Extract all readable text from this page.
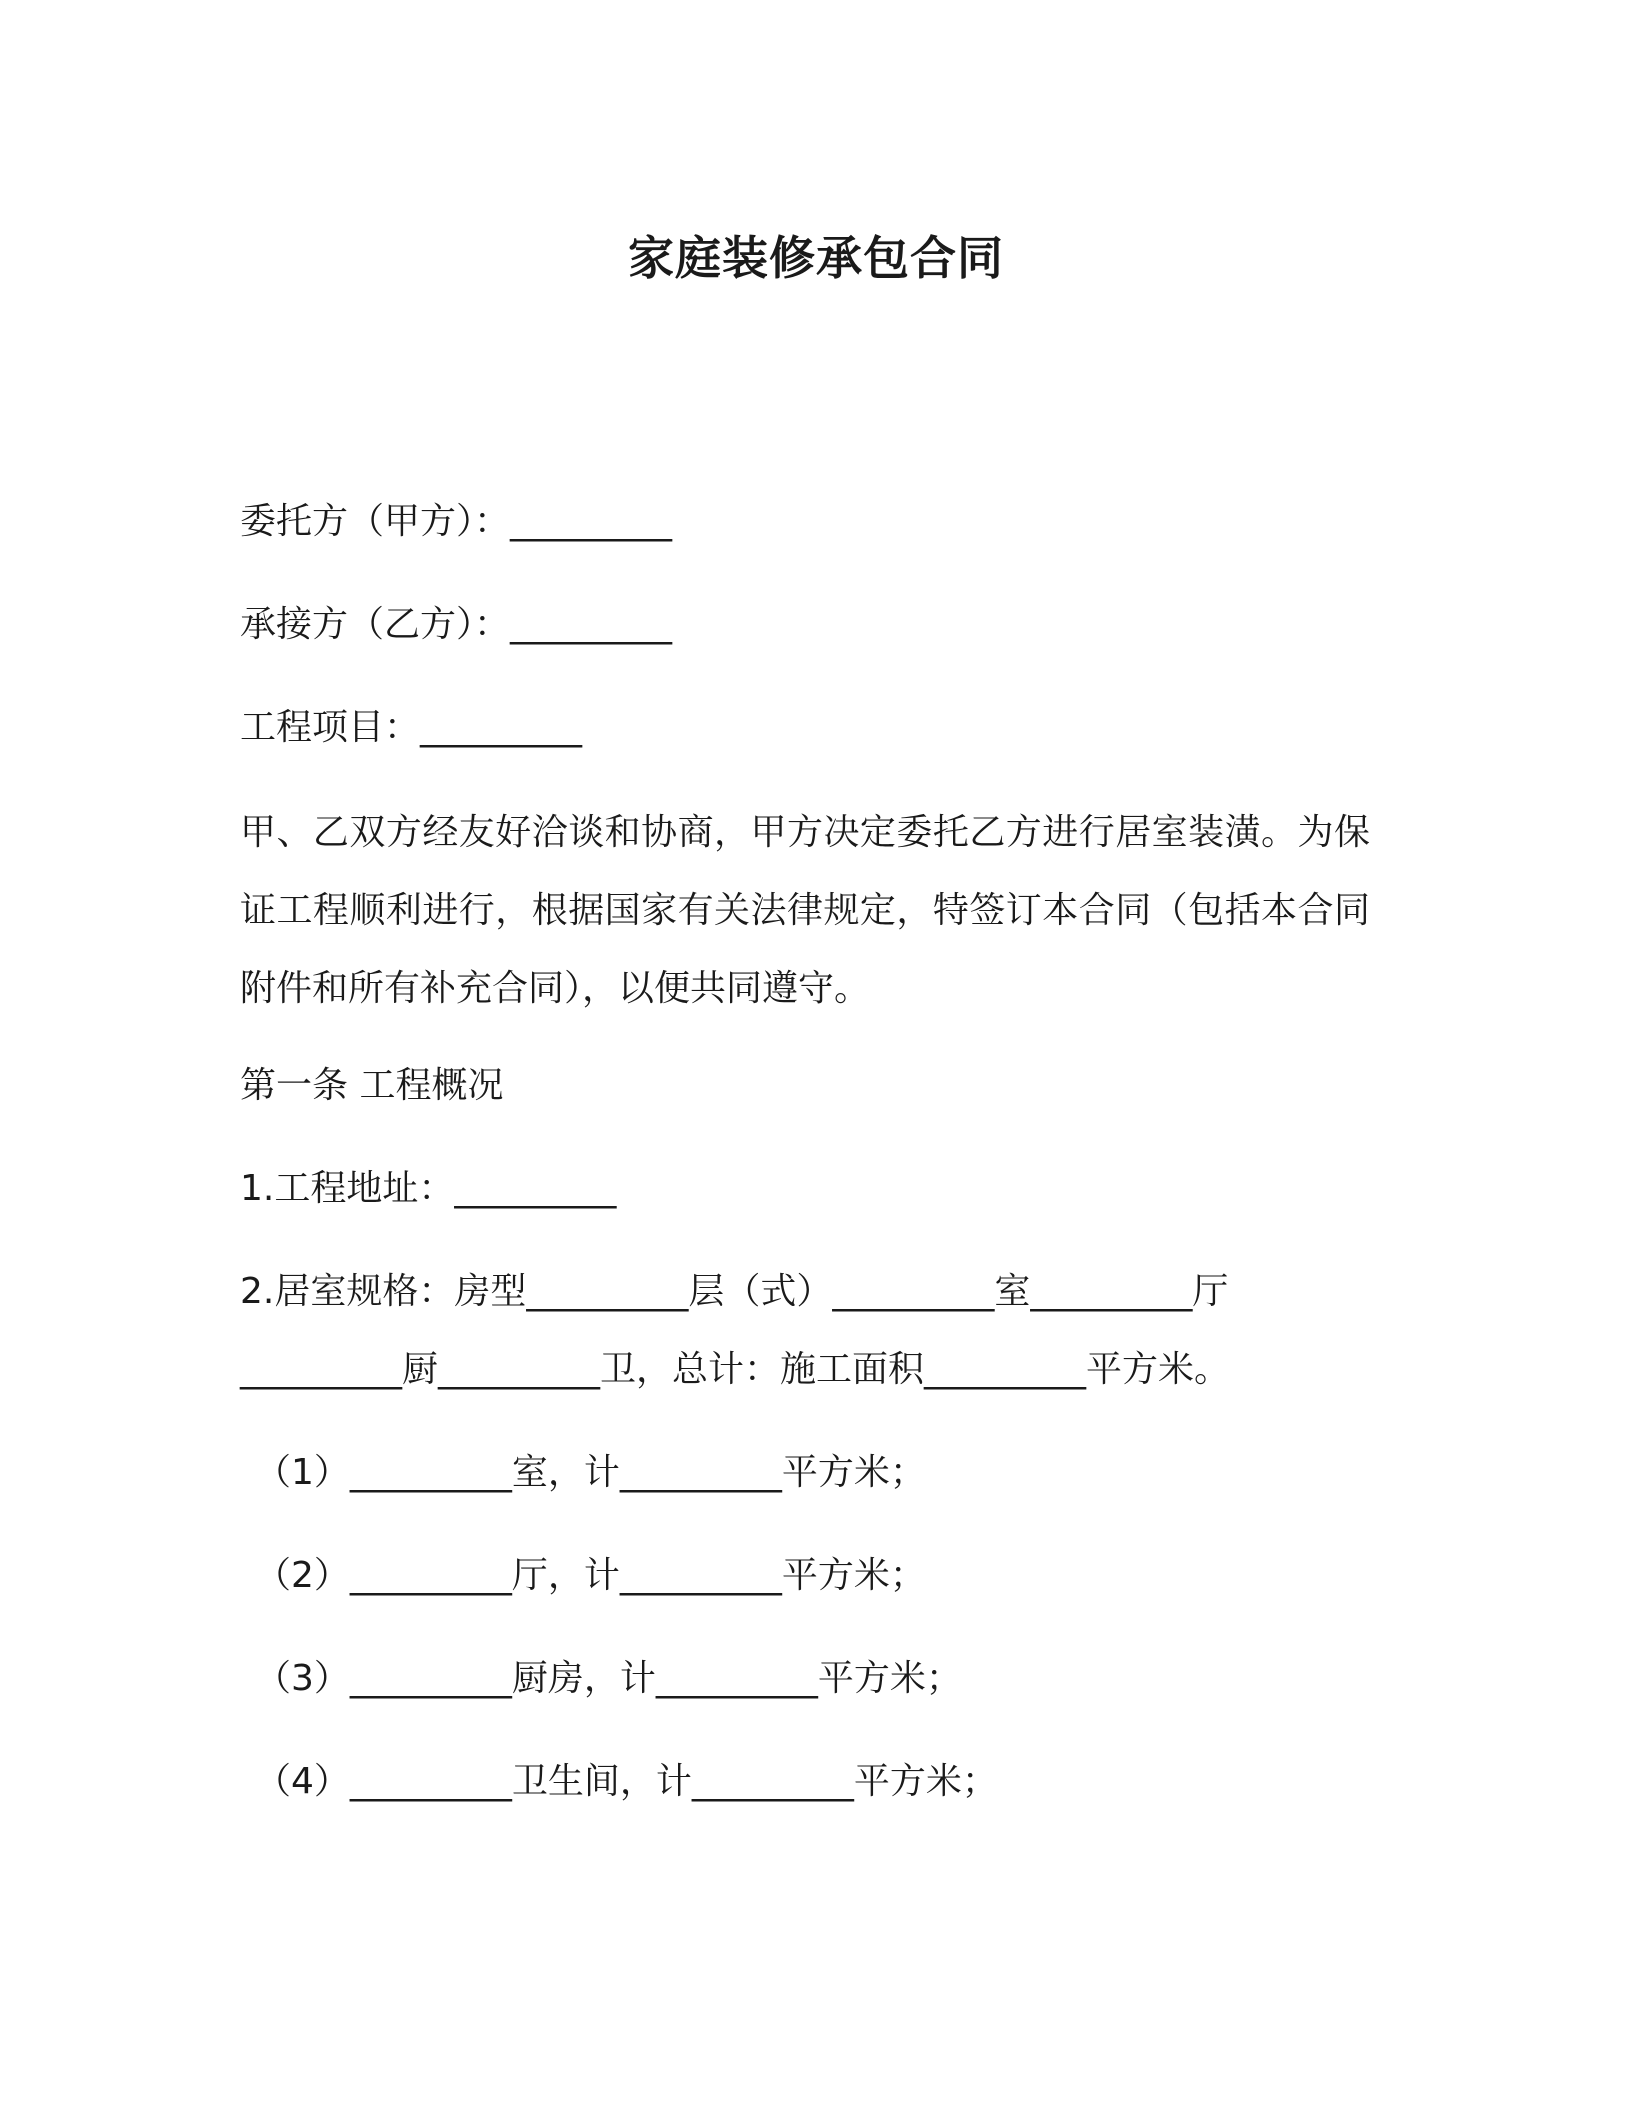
家庭装修承包合同
委托方（甲方）：_________
承接方（乙方）：_________
工程项目：_________
甲、乙双方经友好洽谈和协商，甲方决定委托乙方进行居室装潢。为保证工程顺利进行，根据国家有关法律规定，特签订本合同（包括本合同附件和所有补充合同），以便共同遵守。
第一条 工程概况
1.工程地址：_________
2.居室规格：房型_________层（式）_________室_________厅
_________厨_________卫，总计：施工面积_________平方米。
（1）_________室，计_________平方米；
（2）_________厅，计_________平方米；
（3）_________厨房，计_________平方米；
（4）_________卫生间，计_________平方米；
